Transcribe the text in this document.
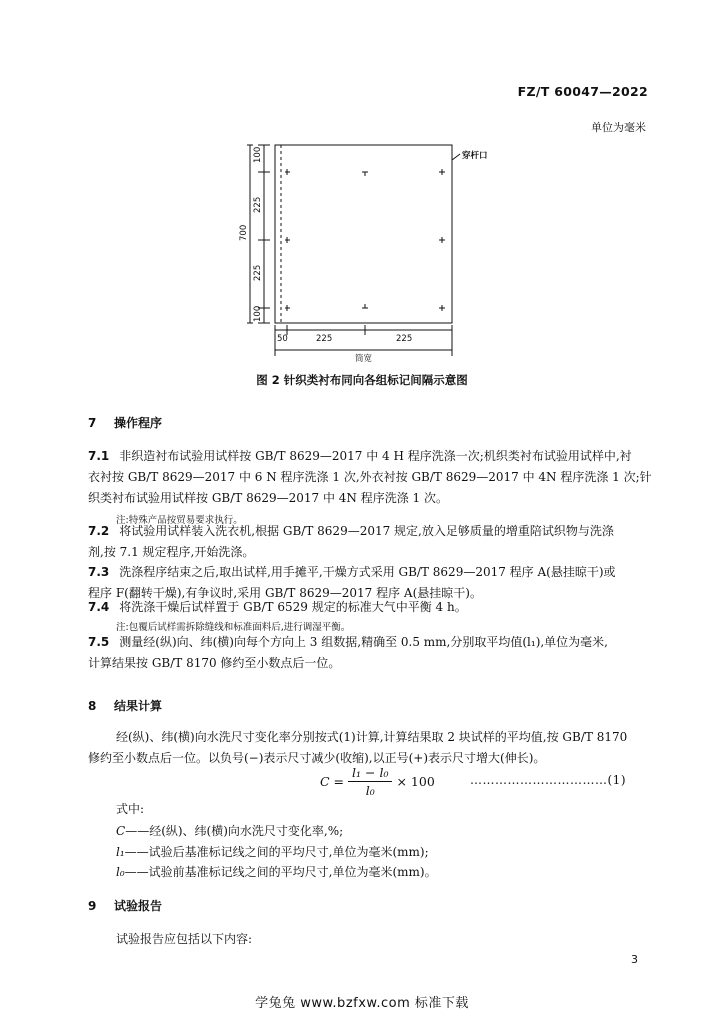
FZ/T 60047—2022
单位为毫米
100
225
225
100
700
穿杆口
50	225	225
筒宽
图 2 针织类衬布同向各组标记间隔示意图
7 操作程序
7.1 非织造衬布试验用试样按 GB/T 8629—2017 中 4 H 程序洗涤一次;机织类衬布试验用试样中,衬
衣衬按 GB/T 8629—2017 中 6 N 程序洗涤 1 次,外衣衬按 GB/T 8629—2017 中 4N 程序洗涤 1 次;针
织类衬布试验用试样按 GB/T 8629—2017 中 4N 程序洗涤 1 次。
注:特殊产品按贸易要求执行。
7.2 将试验用试样装入洗衣机,根据 GB/T 8629—2017 规定,放入足够质量的增重陪试织物与洗涤
剂,按 7.1 规定程序,开始洗涤。
7.3 洗涤程序结束之后,取出试样,用手摊平,干燥方式采用 GB/T 8629—2017 程序 A(悬挂晾干)或
程序 F(翻转干燥),有争议时,采用 GB/T 8629—2017 程序 A(悬挂晾干)。
7.4 将洗涤干燥后试样置于 GB/T 6529 规定的标准大气中平衡 4 h。
注:包覆后试样需拆除缝线和标准面料后,进行调湿平衡。
7.5 测量经(纵)向、纬(横)向每个方向上 3 组数据,精确至 0.5 mm,分别取平均值(l₁),单位为毫米,
计算结果按 GB/T 8170 修约至小数点后一位。
8 结果计算
经(纵)、纬(横)向水洗尺寸变化率分别按式(1)计算,计算结果取 2 块试样的平均值,按 GB/T 8170
修约至小数点后一位。以负号(−)表示尺寸减少(收缩),以正号(+)表示尺寸增大(伸长)。
$C = \frac{\text{l₁ − l₀}}{\text{l₀}} \times 100$	……………………………(1)
式中:
C——经(纵)、纬(横)向水洗尺寸变化率,%;
l₁——试验后基准标记线之间的平均尺寸,单位为毫米(mm);
l₀——试验前基准标记线之间的平均尺寸,单位为毫米(mm)。
9 试验报告
试验报告应包括以下内容:
3
学兔兔 www.bzfxw.com 标准下载
